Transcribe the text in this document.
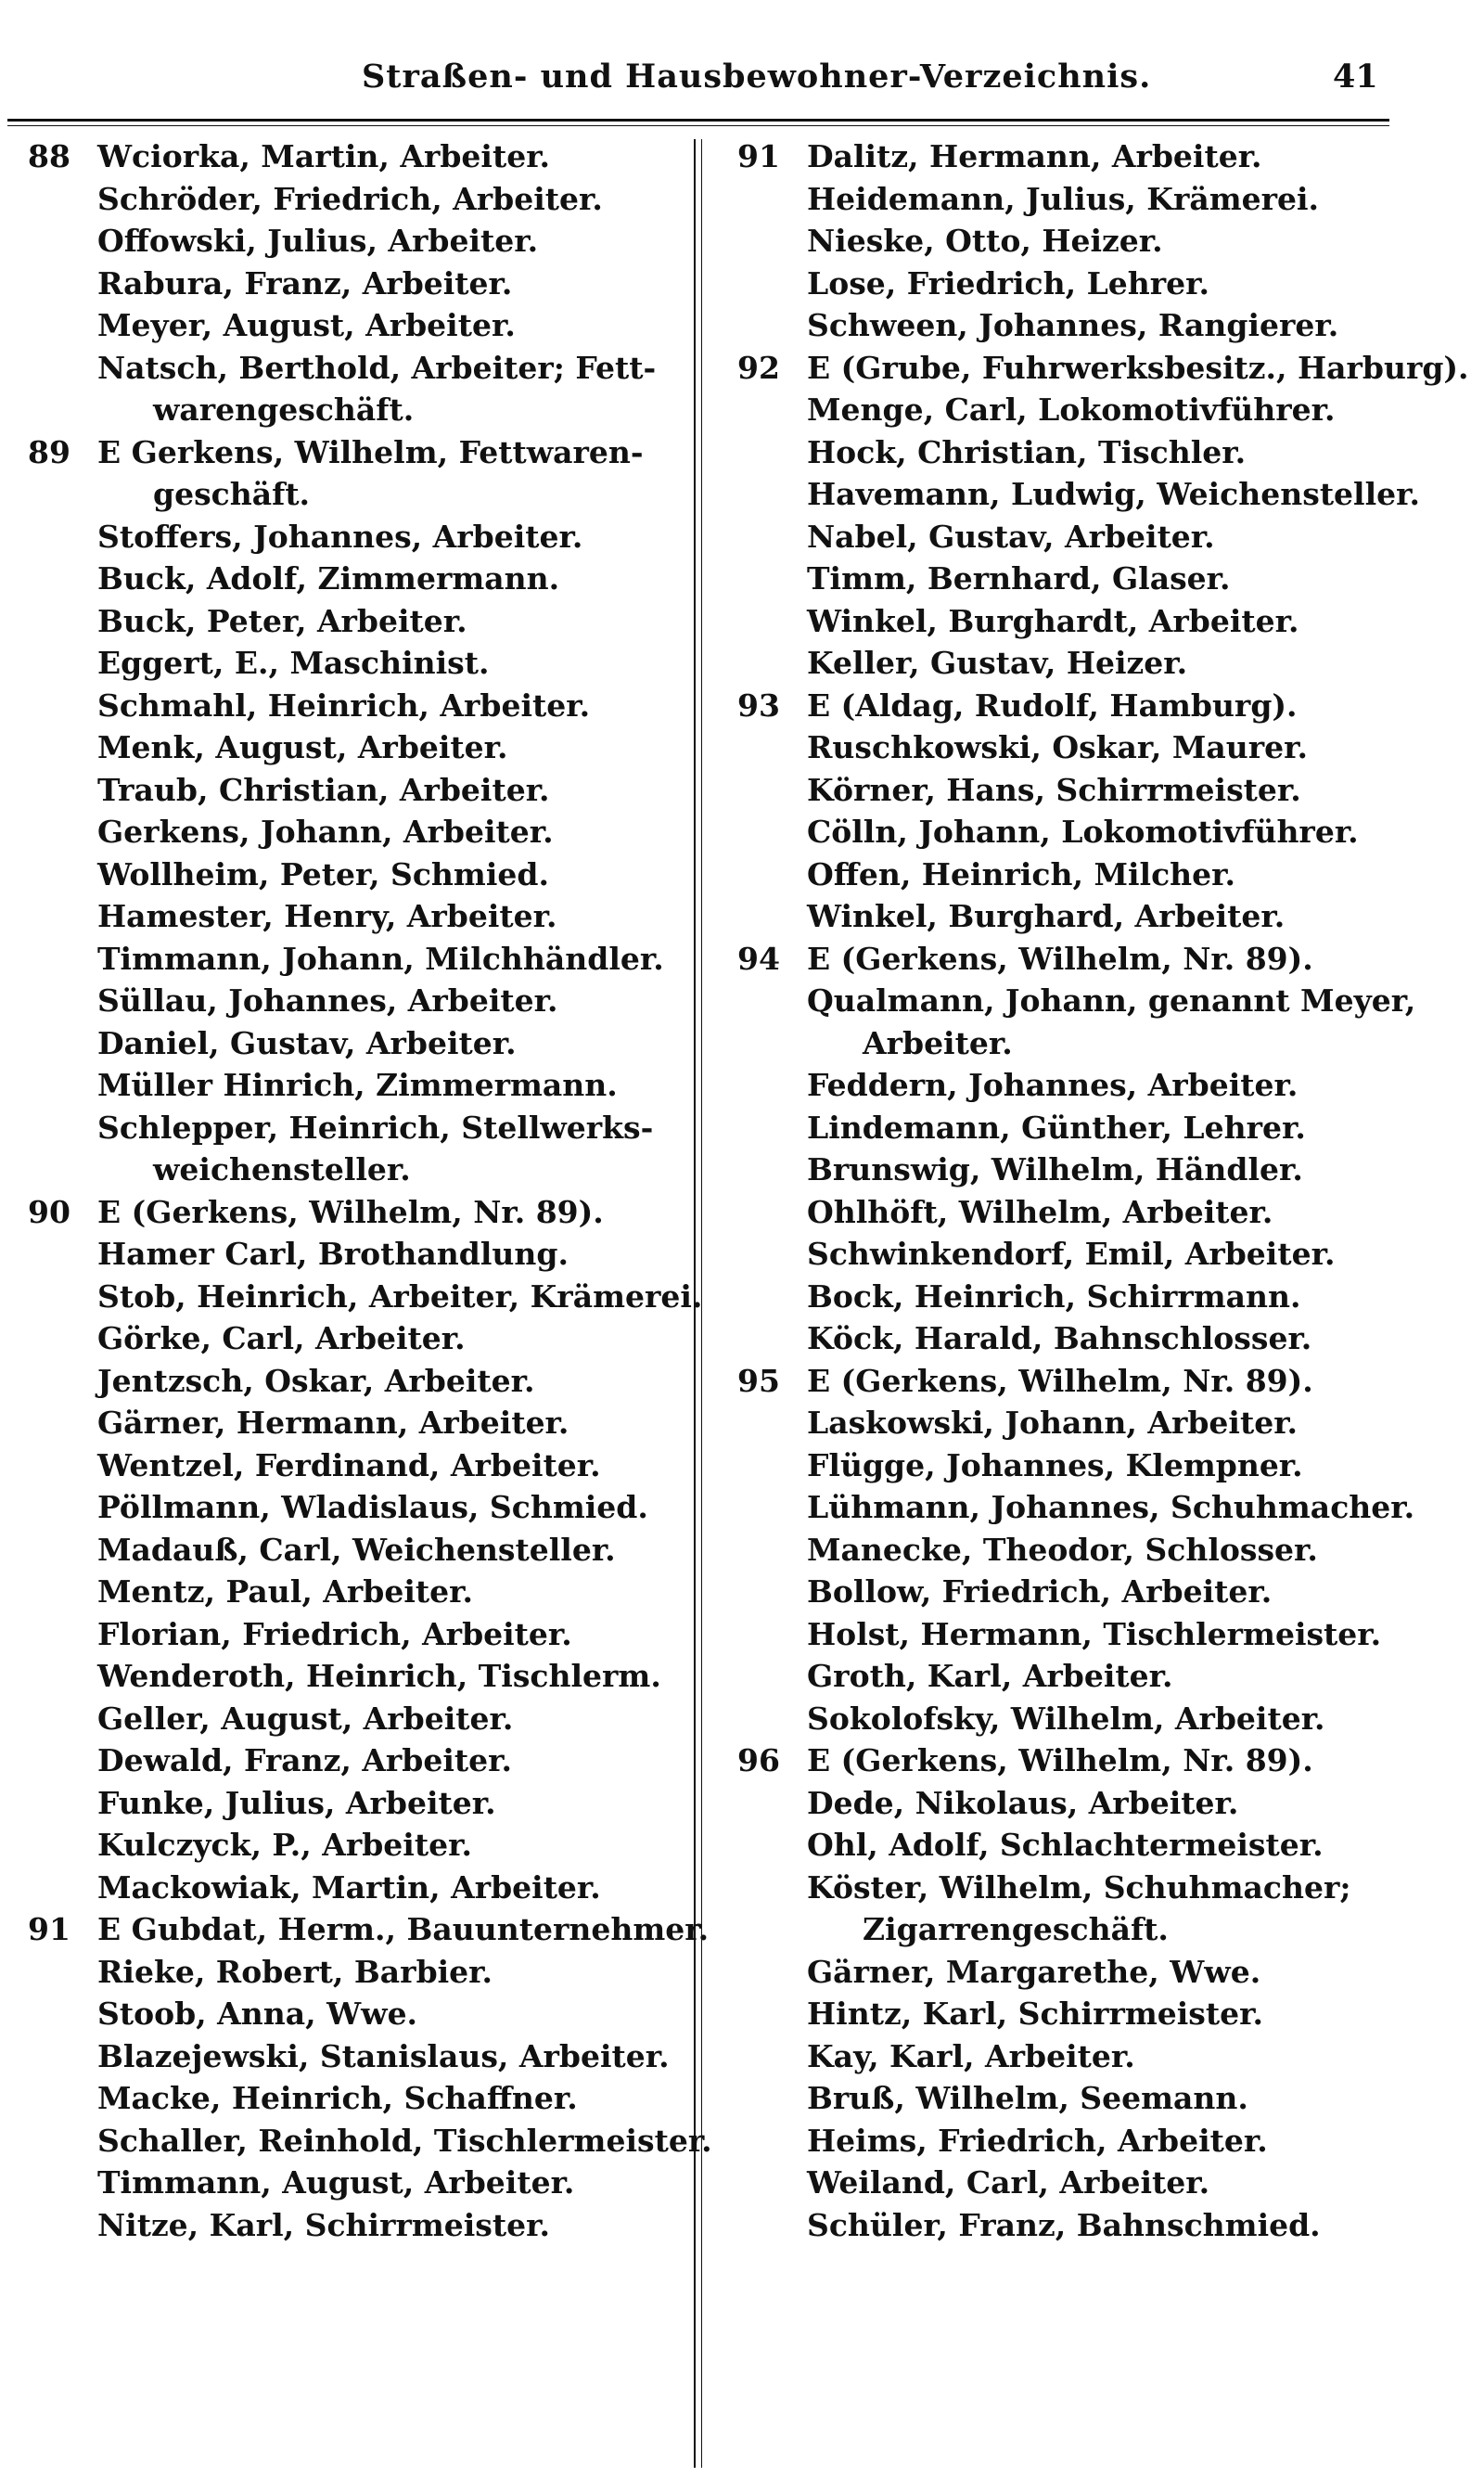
Straßen- und Hausbewohner-Verzeichnis.	41
88 Wciorka, Martin, Arbeiter.
Schröder, Friedrich, Arbeiter.
Offowski, Julius, Arbeiter.
Rabura, Franz, Arbeiter.
Meyer, August, Arbeiter.
Natsch, Berthold, Arbeiter; Fett-
warengeschäft.
89 E Gerkens, Wilhelm, Fettwaren-
geschäft.
Stoffers, Johannes, Arbeiter.
Buck, Adolf, Zimmermann.
Buck, Peter, Arbeiter.
Eggert, E., Maschinist.
Schmahl, Heinrich, Arbeiter.
Menk, August, Arbeiter.
Traub, Christian, Arbeiter.
Gerkens, Johann, Arbeiter.
Wollheim, Peter, Schmied.
Hamester, Henry, Arbeiter.
Timmann, Johann, Milchhändler.
Süllau, Johannes, Arbeiter.
Daniel, Gustav, Arbeiter.
Müller Hinrich, Zimmermann.
Schlepper, Heinrich, Stellwerks-
weichensteller.
90 E (Gerkens, Wilhelm, Nr. 89).
Hamer Carl, Brothandlung.
Stob, Heinrich, Arbeiter, Krämerei.
Görke, Carl, Arbeiter.
Jentzsch, Oskar, Arbeiter.
Gärner, Hermann, Arbeiter.
Wentzel, Ferdinand, Arbeiter.
Pöllmann, Wladislaus, Schmied.
Madauß, Carl, Weichensteller.
Mentz, Paul, Arbeiter.
Florian, Friedrich, Arbeiter.
Wenderoth, Heinrich, Tischlerm.
Geller, August, Arbeiter.
Dewald, Franz, Arbeiter.
Funke, Julius, Arbeiter.
Kulczyck, P., Arbeiter.
Mackowiak, Martin, Arbeiter.
91 E Gubdat, Herm., Bauunternehmer.
Rieke, Robert, Barbier.
Stoob, Anna, Wwe.
Blazejewski, Stanislaus, Arbeiter.
Macke, Heinrich, Schaffner.
Schaller, Reinhold, Tischlermeister.
Timmann, August, Arbeiter.
Nitze, Karl, Schirrmeister.
91 Dalitz, Hermann, Arbeiter.
Heidemann, Julius, Krämerei.
Nieske, Otto, Heizer.
Lose, Friedrich, Lehrer.
Schween, Johannes, Rangierer.
92 E (Grube, Fuhrwerksbesitz., Harburg).
Menge, Carl, Lokomotivführer.
Hock, Christian, Tischler.
Havemann, Ludwig, Weichensteller.
Nabel, Gustav, Arbeiter.
Timm, Bernhard, Glaser.
Winkel, Burghardt, Arbeiter.
Keller, Gustav, Heizer.
93 E (Aldag, Rudolf, Hamburg).
Ruschkowski, Oskar, Maurer.
Körner, Hans, Schirrmeister.
Cölln, Johann, Lokomotivführer.
Offen, Heinrich, Milcher.
Winkel, Burghard, Arbeiter.
94 E (Gerkens, Wilhelm, Nr. 89).
Qualmann, Johann, genannt Meyer,
Arbeiter.
Feddern, Johannes, Arbeiter.
Lindemann, Günther, Lehrer.
Brunswig, Wilhelm, Händler.
Ohlhöft, Wilhelm, Arbeiter.
Schwinkendorf, Emil, Arbeiter.
Bock, Heinrich, Schirrmann.
Köck, Harald, Bahnschlosser.
95 E (Gerkens, Wilhelm, Nr. 89).
Laskowski, Johann, Arbeiter.
Flügge, Johannes, Klempner.
Lühmann, Johannes, Schuhmacher.
Manecke, Theodor, Schlosser.
Bollow, Friedrich, Arbeiter.
Holst, Hermann, Tischlermeister.
Groth, Karl, Arbeiter.
Sokolofsky, Wilhelm, Arbeiter.
96 E (Gerkens, Wilhelm, Nr. 89).
Dede, Nikolaus, Arbeiter.
Ohl, Adolf, Schlachtermeister.
Köster, Wilhelm, Schuhmacher;
Zigarrengeschäft.
Gärner, Margarethe, Wwe.
Hintz, Karl, Schirrmeister.
Kay, Karl, Arbeiter.
Bruß, Wilhelm, Seemann.
Heims, Friedrich, Arbeiter.
Weiland, Carl, Arbeiter.
Schüler, Franz, Bahnschmied.
